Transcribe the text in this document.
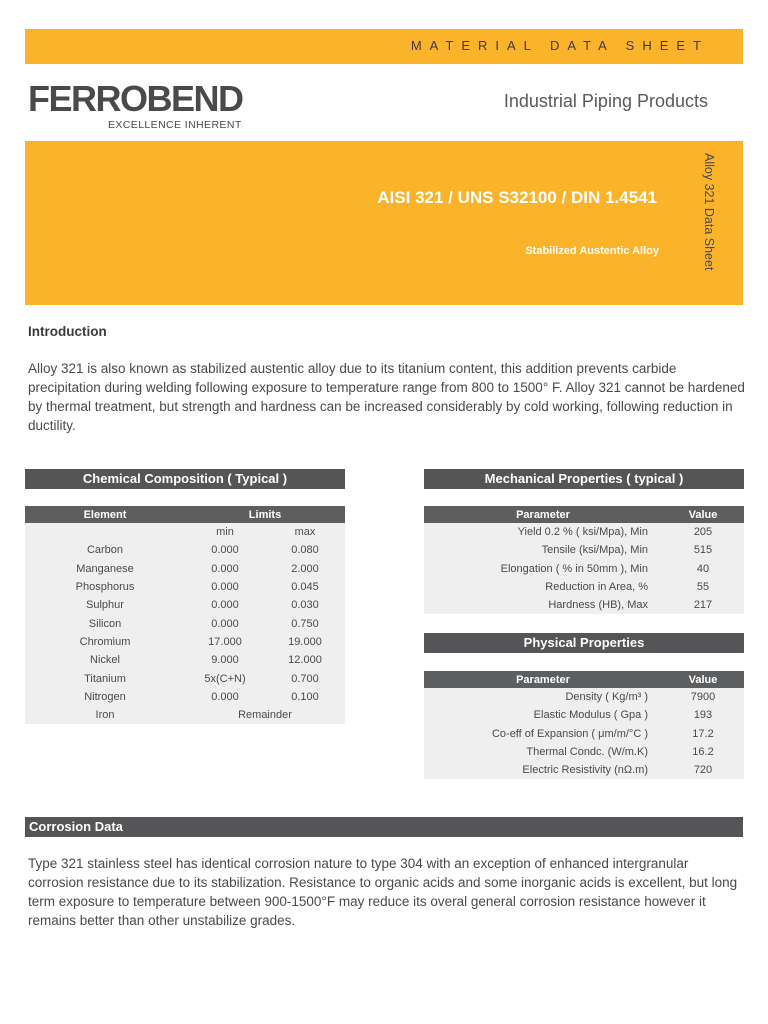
MATERIAL DATA SHEET
FERROBEND
EXCELLENCE INHERENT
Industrial Piping Products
AISI 321 / UNS S32100 / DIN 1.4541
Stabilized Austentic Alloy	Alloy 321 Data Sheet
Introduction

Alloy 321 is also known as stabilized austentic alloy due to its titanium content, this addition prevents carbide precipitation during welding following exposure to temperature range from 800 to 1500° F. Alloy 321 cannot be hardened by thermal treatment, but strength and hardness can be increased considerably by cold working, following reduction in ductility.

Chemical Composition ( Typical )
Element	Limits	
	min	max
Carbon	0.000	0.080
Manganese	0.000	2.000
Phosphorus	0.000	0.045
Sulphur	0.000	0.030
Silicon	0.000	0.750
Chromium	17.000	19.000
Nickel	9.000	12.000
Titanium	5x(C+N)	0.700
Nitrogen	0.000	0.100
Iron	Remainder	
Mechanical Properties ( typical )
Parameter	Value
Yield 0.2 % ( ksi/Mpa), Min	205
Tensile (ksi/Mpa), Min	515
Elongation ( % in 50mm ), Min	40
Reduction in Area, %	55
Hardness (HB), Max	217
Physical Properties
Parameter	Value
Density ( Kg/m³ )	7900
Elastic Modulus ( Gpa )	193
Co-eff of Expansion ( μm/m/°C )	17.2
Thermal Condc. (W/m.K)	16.2
Electric Resistivity (nΩ.m)	720
Corrosion Data

Type 321 stainless steel has identical corrosion nature to type 304 with an exception of enhanced intergranular corrosion resistance due to its stabilization. Resistance to organic acids and some inorganic acids is excellent, but long term exposure to temperature between 900-1500°F may reduce its overal general corrosion resistance however it remains better than other unstabilize grades.
